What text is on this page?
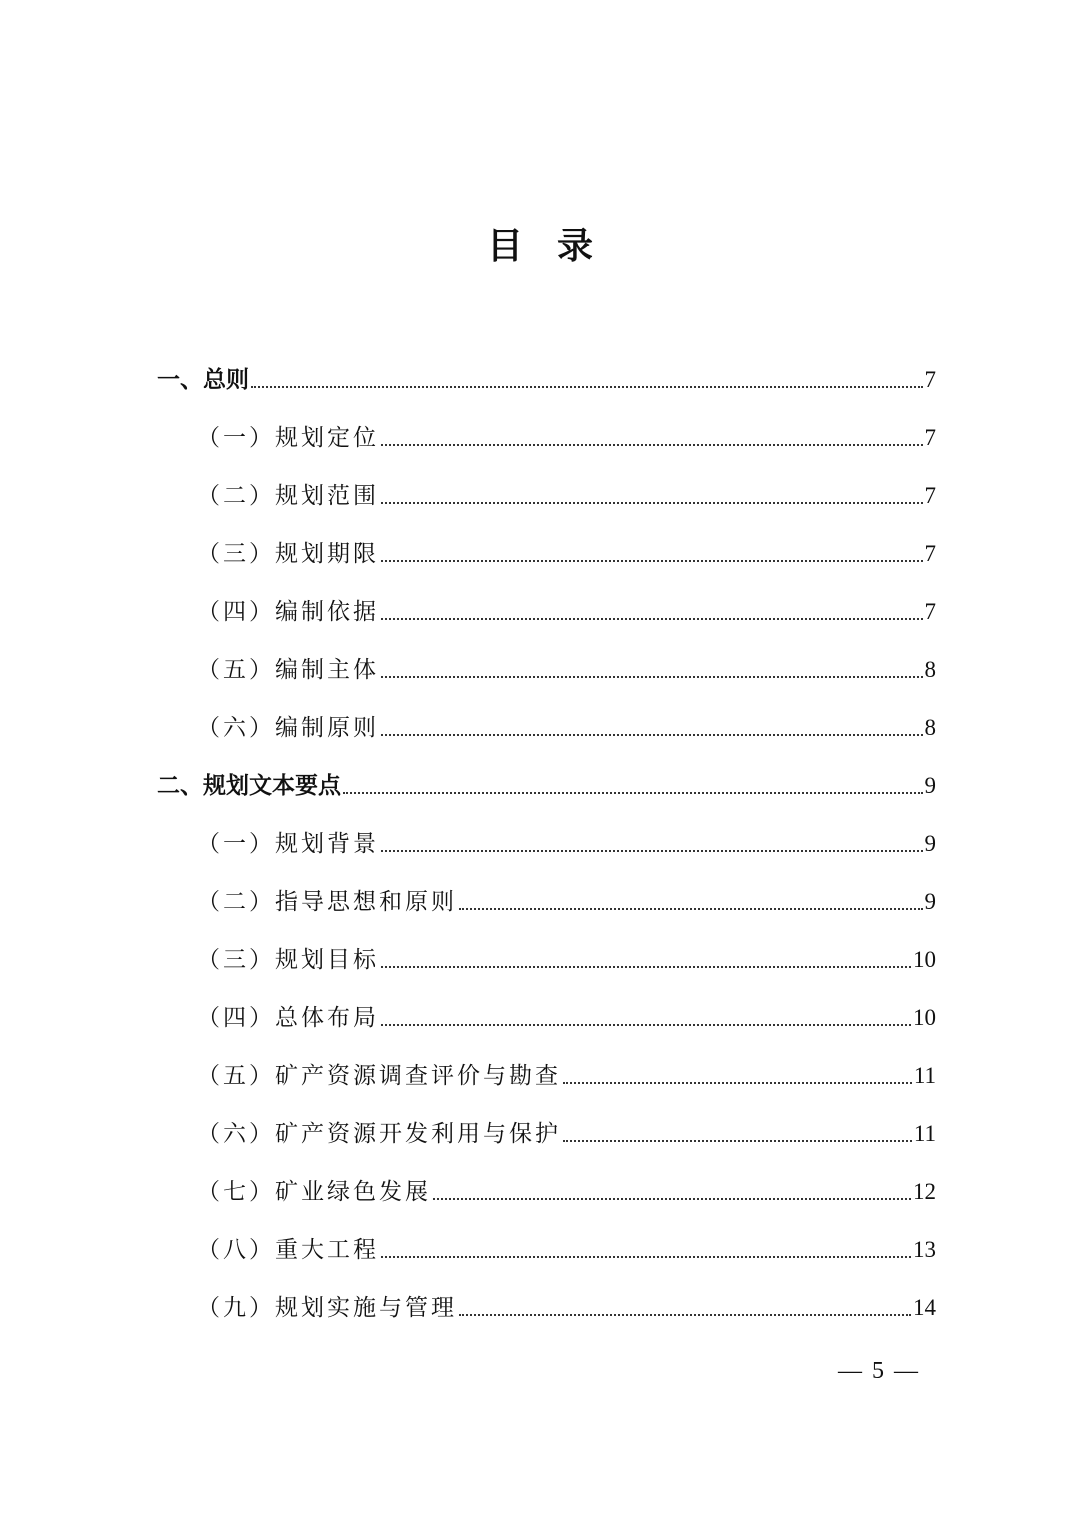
目录
一、总则	7
（一）规划定位	7
（二）规划范围	7
（三）规划期限	7
（四）编制依据	7
（五）编制主体	8
（六）编制原则	8
二、规划文本要点	9
（一）规划背景	9
（二）指导思想和原则	9
（三）规划目标	10
（四）总体布局	10
（五）矿产资源调查评价与勘查	11
（六）矿产资源开发利用与保护	11
（七）矿业绿色发展	12
（八）重大工程	13
（九）规划实施与管理	14
— 5 —
